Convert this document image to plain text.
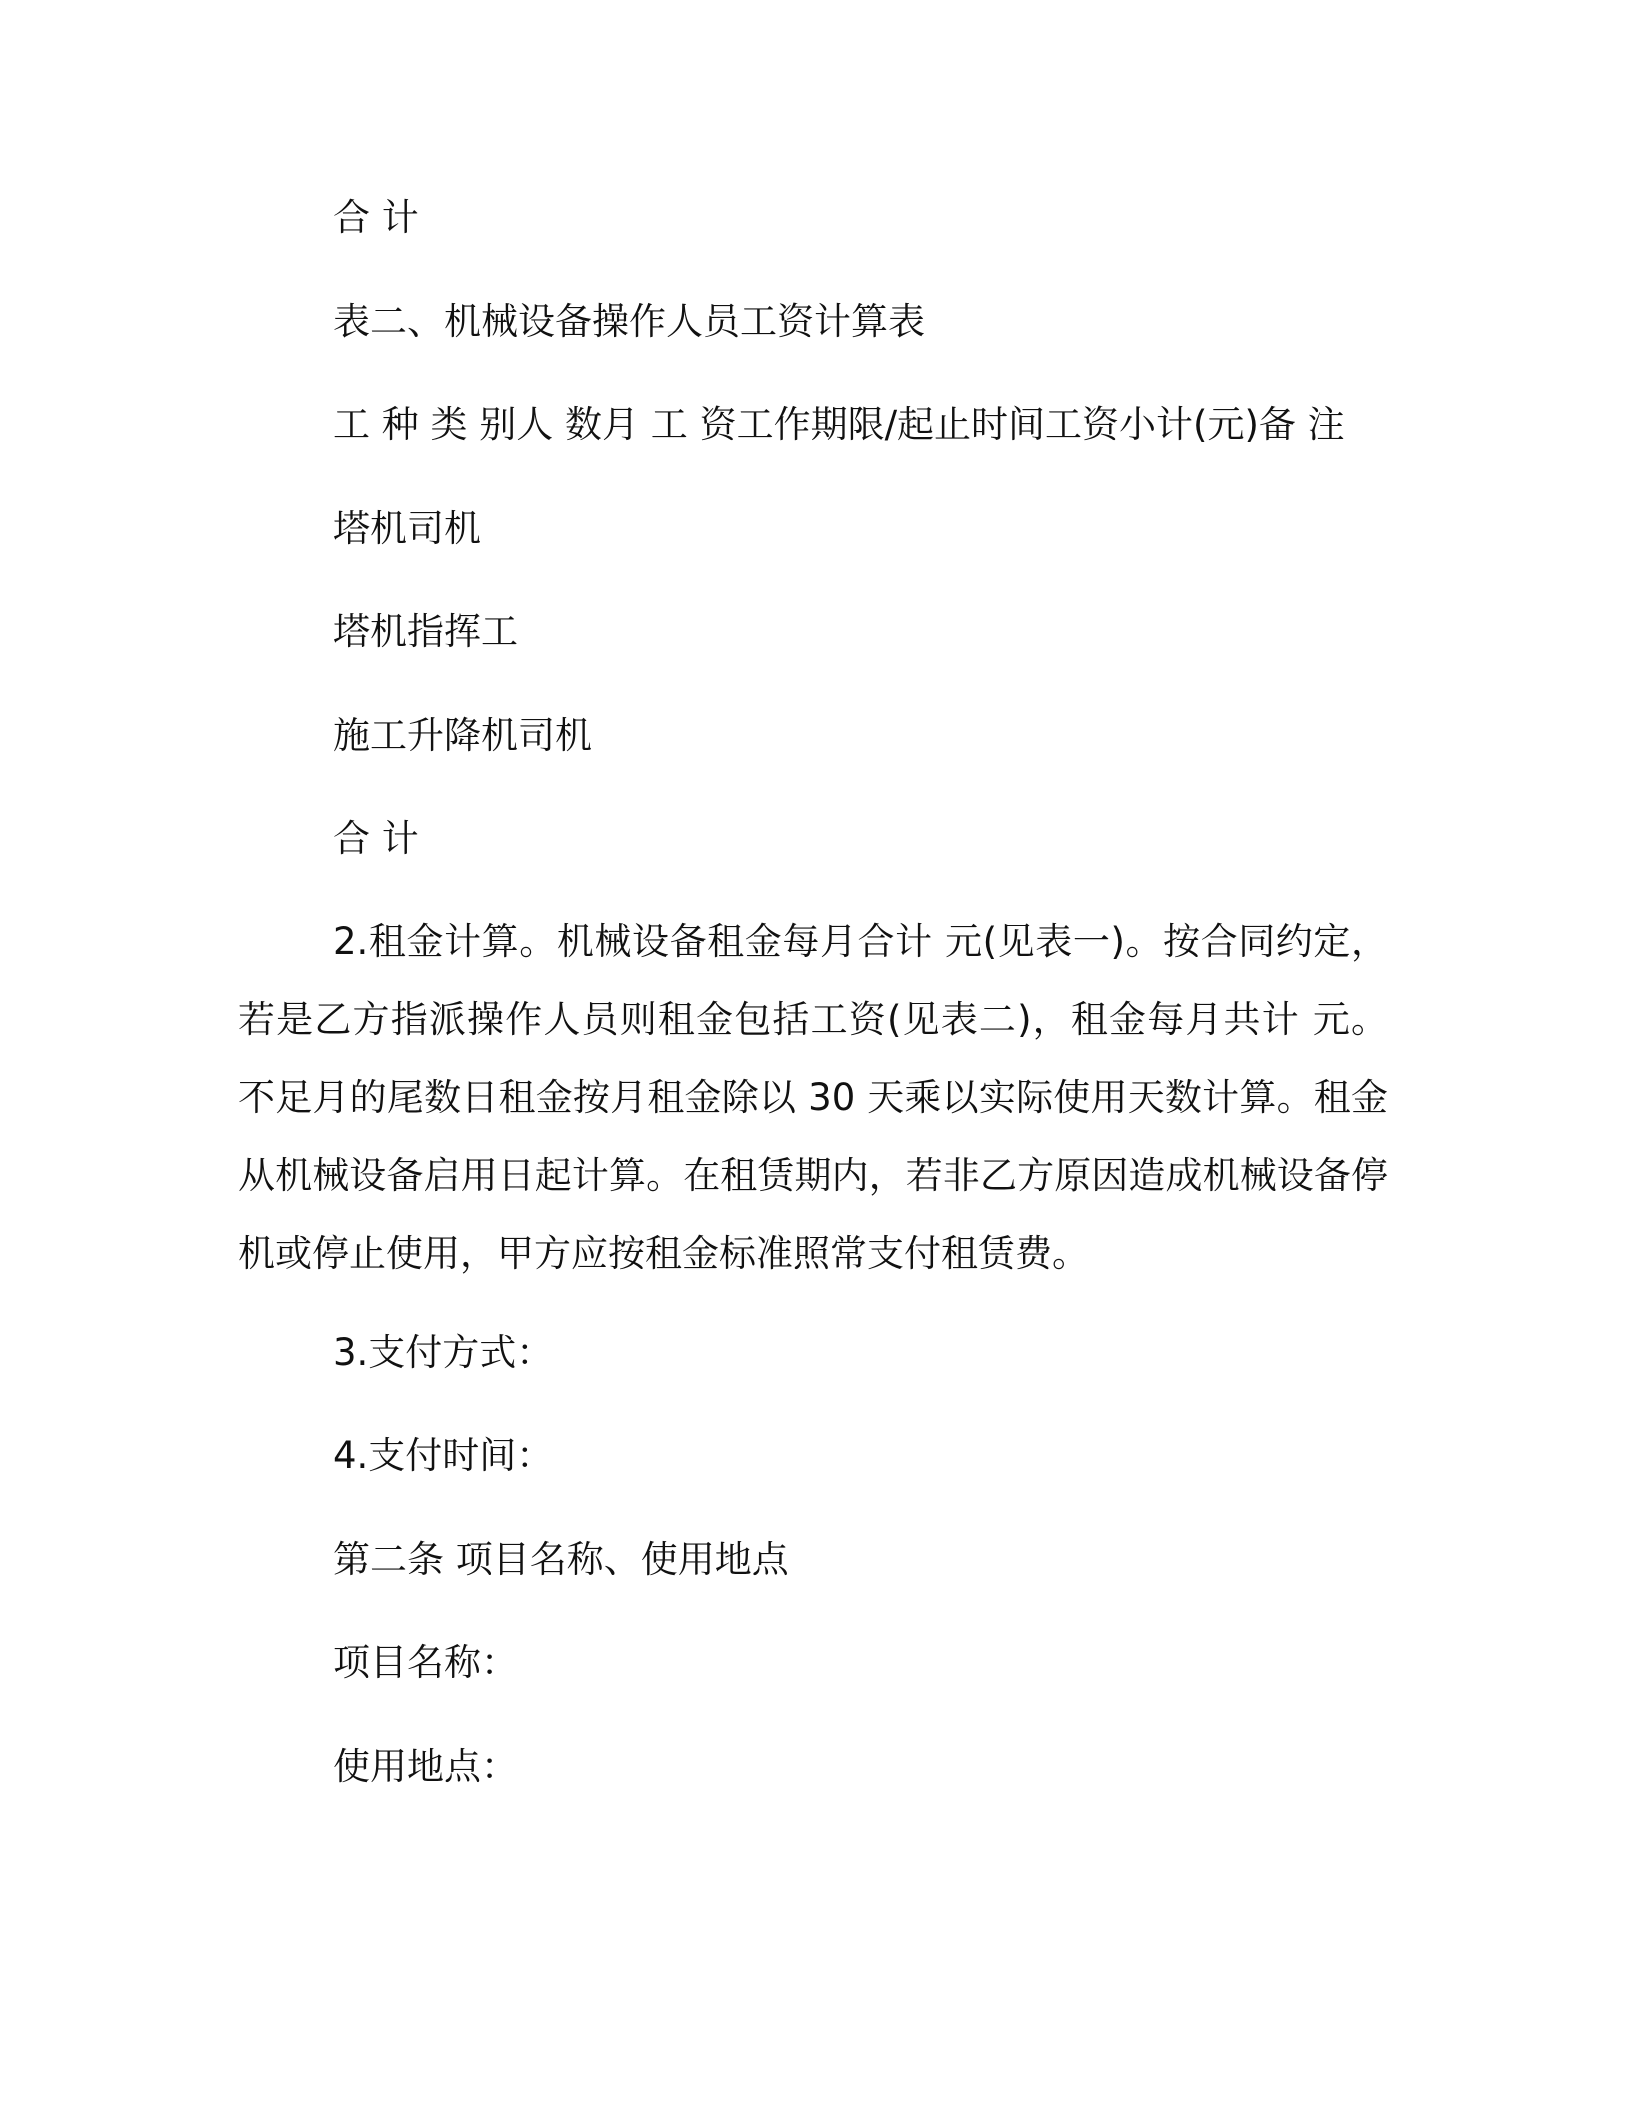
合 计
表二、机械设备操作人员工资计算表
工 种 类 别人 数月 工 资工作期限/起止时间工资小计(元)备 注
塔机司机
塔机指挥工
施工升降机司机
合 计
2.租金计算。机械设备租金每月合计 元(见表一)。按合同约定，若是乙方指派操作人员则租金包括工资(见表二)，租金每月共计 元。不足月的尾数日租金按月租金除以 30 天乘以实际使用天数计算。租金从机械设备启用日起计算。在租赁期内，若非乙方原因造成机械设备停机或停止使用，甲方应按租金标准照常支付租赁费。
3.支付方式：
4.支付时间：
第二条 项目名称、使用地点
项目名称：
使用地点：
